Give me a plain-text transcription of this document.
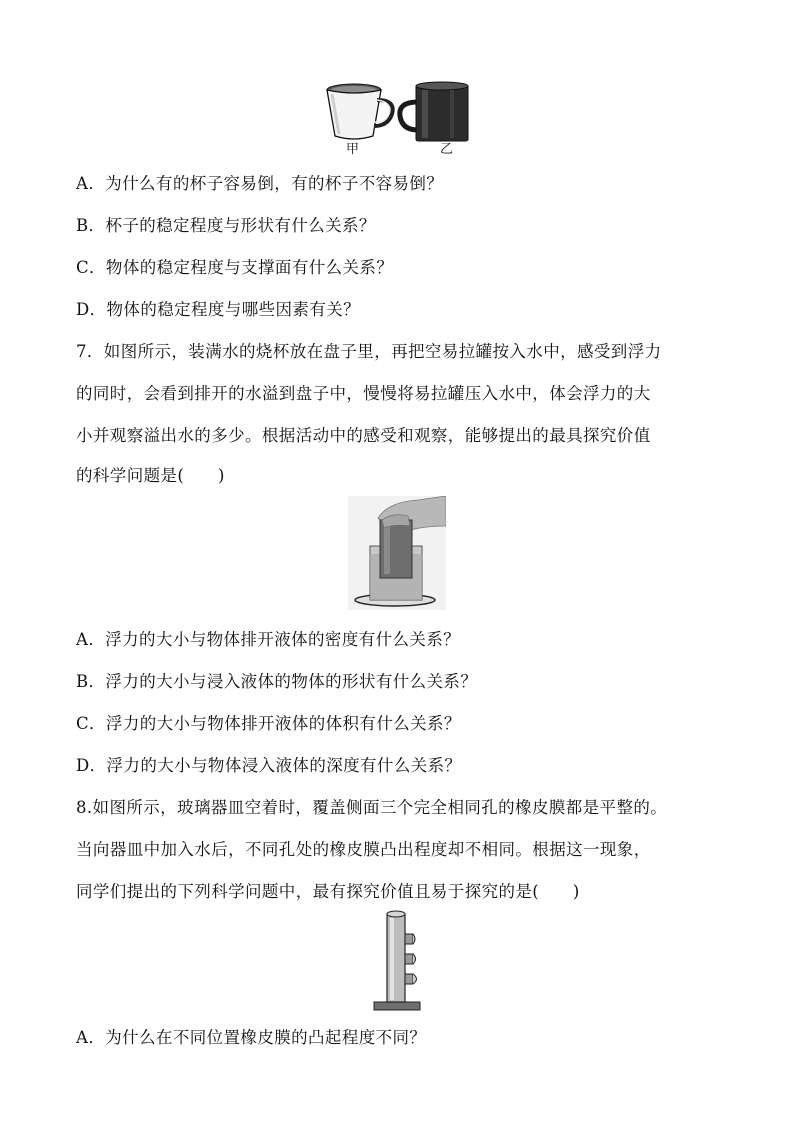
甲	乙
A．为什么有的杯子容易倒，有的杯子不容易倒？
B．杯子的稳定程度与形状有什么关系？
C．物体的稳定程度与支撑面有什么关系？
D．物体的稳定程度与哪些因素有关？
7．如图所示，装满水的烧杯放在盘子里，再把空易拉罐按入水中，感受到浮力
的同时，会看到排开的水溢到盘子中，慢慢将易拉罐压入水中，体会浮力的大
小并观察溢出水的多少。根据活动中的感受和观察，能够提出的最具探究价值
的科学问题是(　　)
A．浮力的大小与物体排开液体的密度有什么关系？
B．浮力的大小与浸入液体的物体的形状有什么关系？
C．浮力的大小与物体排开液体的体积有什么关系？
D．浮力的大小与物体浸入液体的深度有什么关系？
8.如图所示，玻璃器皿空着时，覆盖侧面三个完全相同孔的橡皮膜都是平整的。
当向器皿中加入水后，不同孔处的橡皮膜凸出程度却不相同。根据这一现象，
同学们提出的下列科学问题中，最有探究价值且易于探究的是(　　)
A．为什么在不同位置橡皮膜的凸起程度不同？
